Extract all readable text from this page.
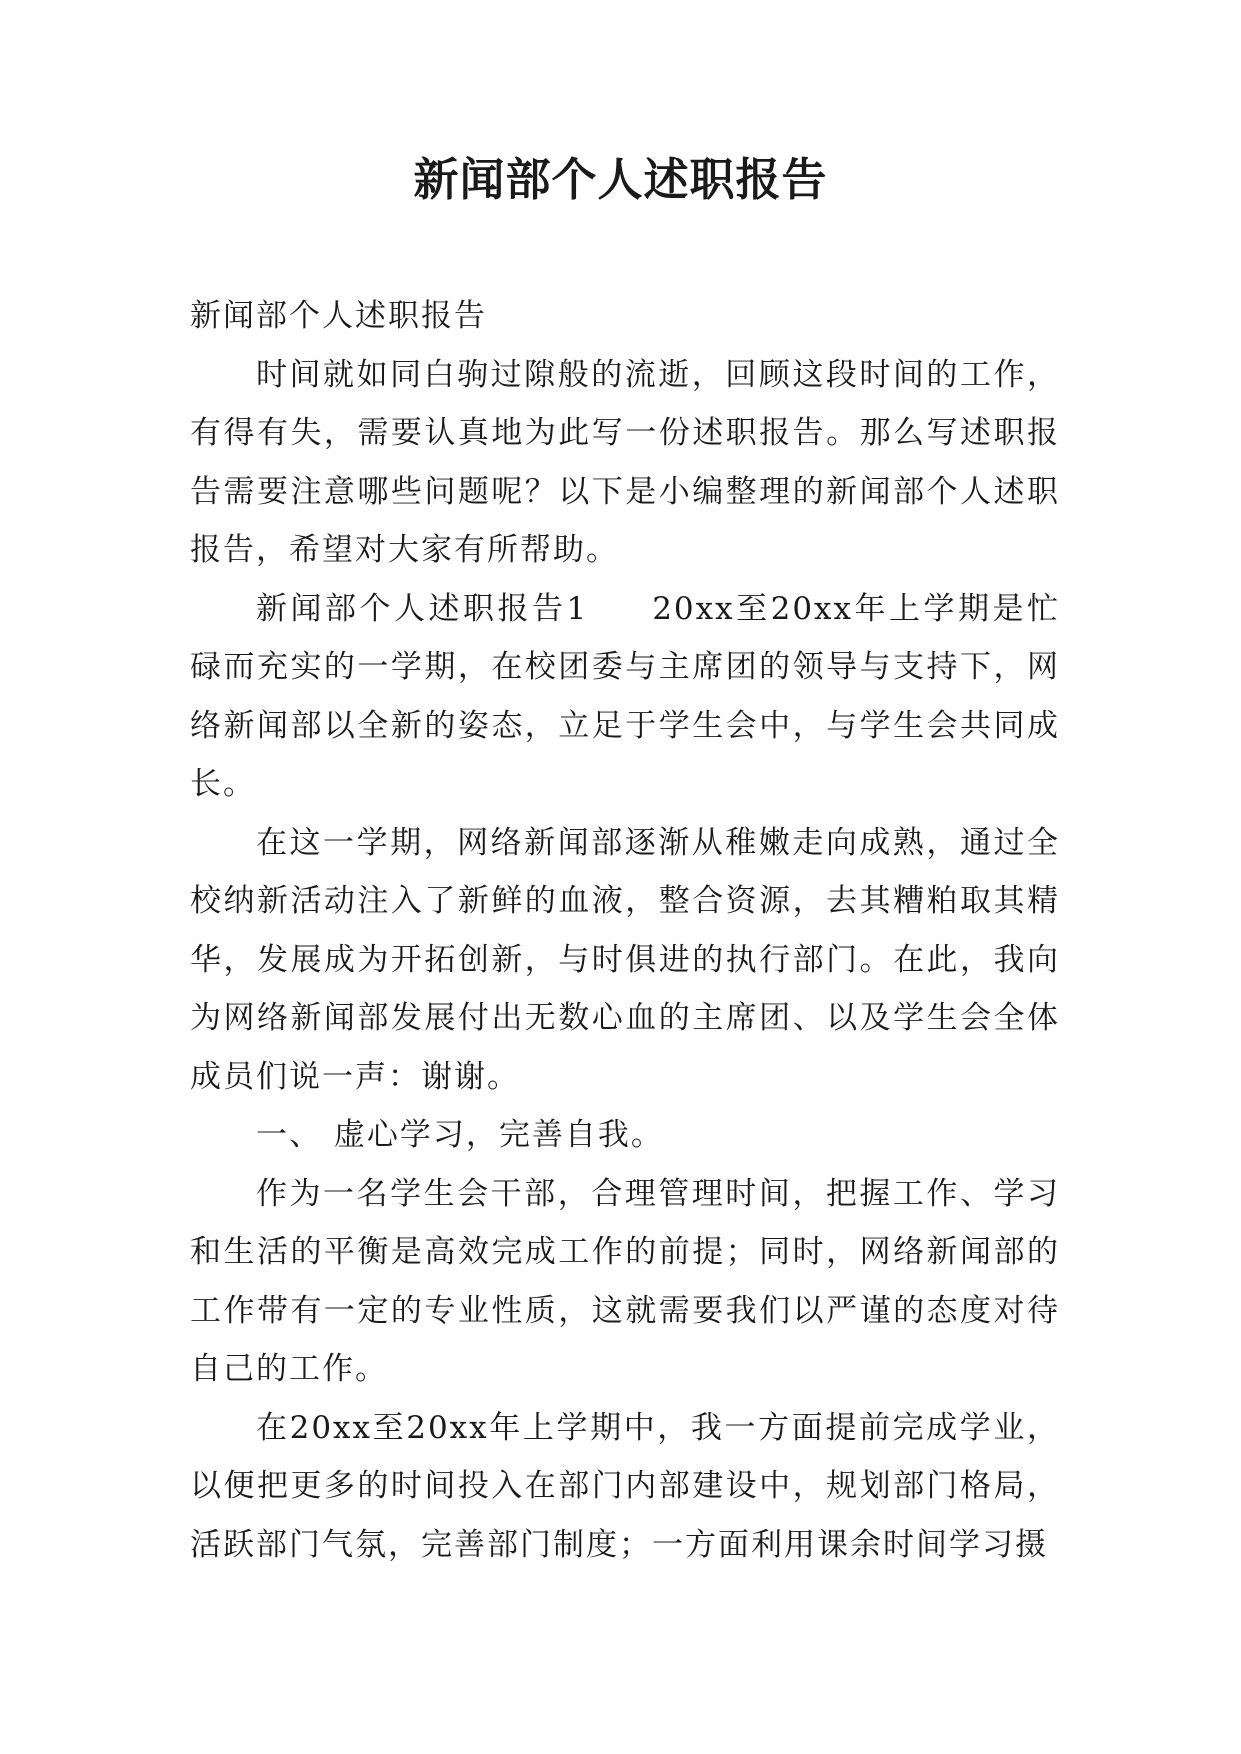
新闻部个人述职报告

新闻部个人述职报告

时间就如同白驹过隙般的流逝，回顾这段时间的工作，有得有失，需要认真地为此写一份述职报告。那么写述职报告需要注意哪些问题呢？以下是小编整理的新闻部个人述职报告，希望对大家有所帮助。

新闻部个人述职报告1 20xx至20xx年上学期是忙碌而充实的一学期，在校团委与主席团的领导与支持下，网络新闻部以全新的姿态，立足于学生会中，与学生会共同成长。

在这一学期，网络新闻部逐渐从稚嫩走向成熟，通过全校纳新活动注入了新鲜的血液，整合资源，去其糟粕取其精华，发展成为开拓创新，与时俱进的执行部门。在此，我向为网络新闻部发展付出无数心血的主席团、以及学生会全体成员们说一声：谢谢。

一、 虚心学习，完善自我。

作为一名学生会干部，合理管理时间，把握工作、学习和生活的平衡是高效完成工作的前提；同时，网络新闻部的工作带有一定的专业性质，这就需要我们以严谨的态度对待自己的工作。

在20xx至20xx年上学期中，我一方面提前完成学业，以便把更多的时间投入在部门内部建设中，规划部门格局，活跃部门气氛，完善部门制度；一方面利用课余时间学习摄
